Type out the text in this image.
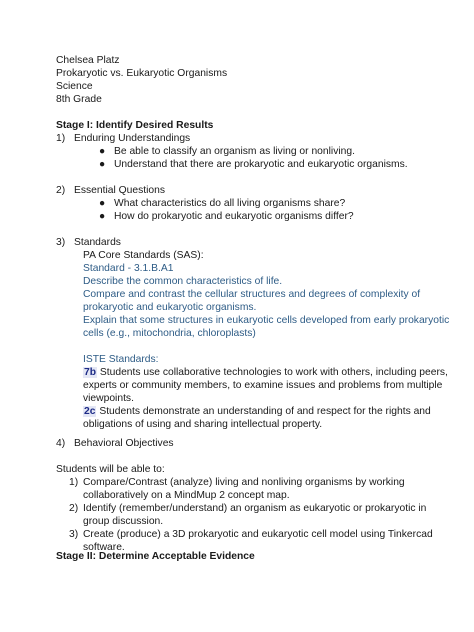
Chelsea Platz
Prokaryotic vs. Eukaryotic Organisms
Science
8th Grade
Stage I: Identify Desired Results
1) Enduring Understandings
● Be able to classify an organism as living or nonliving.
● Understand that there are prokaryotic and eukaryotic organisms.
2) Essential Questions
● What characteristics do all living organisms share?
● How do prokaryotic and eukaryotic organisms differ?
3) Standards
PA Core Standards (SAS):
Standard - 3.1.B.A1
Describe the common characteristics of life.
Compare and contrast the cellular structures and degrees of complexity of
prokaryotic and eukaryotic organisms.
Explain that some structures in eukaryotic cells developed from early prokaryotic
cells (e.g., mitochondria, chloroplasts)
ISTE Standards:
7b Students use collaborative technologies to work with others, including peers,
experts or community members, to examine issues and problems from multiple
viewpoints.
2c Students demonstrate an understanding of and respect for the rights and
obligations of using and sharing intellectual property.
4) Behavioral Objectives
Students will be able to:
1) Compare/Contrast (analyze) living and nonliving organisms by working
collaboratively on a MindMup 2 concept map.
2) Identify (remember/understand) an organism as eukaryotic or prokaryotic in
group discussion.
3) Create (produce) a 3D prokaryotic and eukaryotic cell model using Tinkercad
software.
Stage II: Determine Acceptable Evidence
